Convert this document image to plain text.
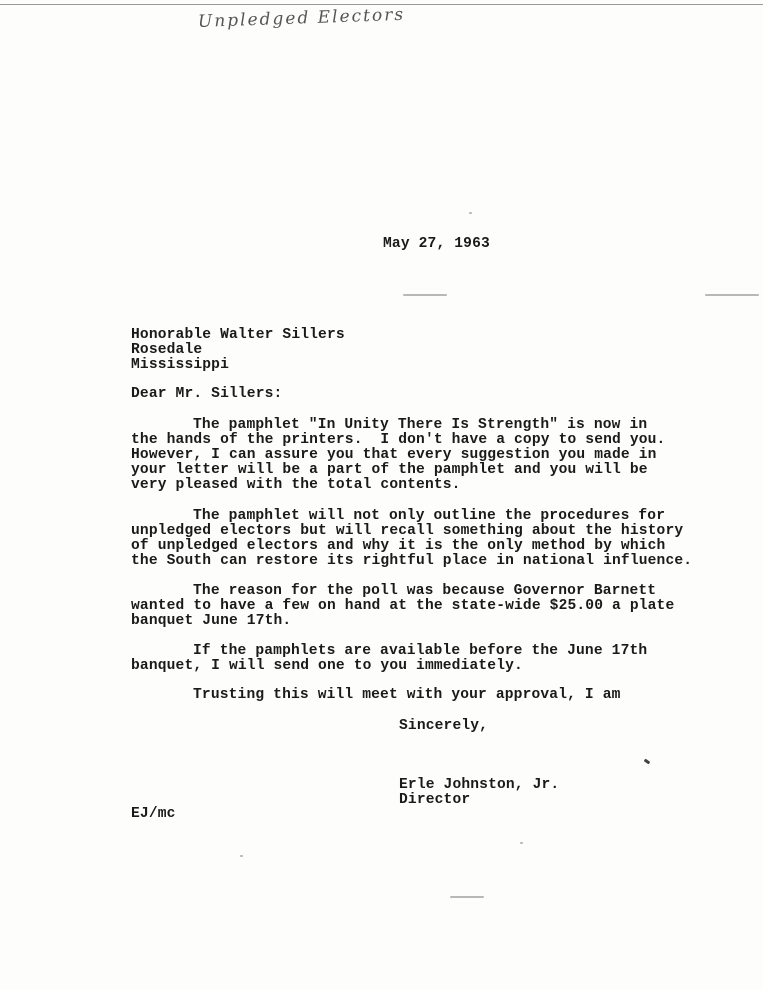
Unpledged Electors
May 27, 1963
Honorable Walter Sillers
Rosedale
Mississippi
Dear Mr. Sillers:
The pamphlet "In Unity There Is Strength" is now in
the hands of the printers.  I don't have a copy to send you.
However, I can assure you that every suggestion you made in
your letter will be a part of the pamphlet and you will be
very pleased with the total contents.
The pamphlet will not only outline the procedures for
unpledged electors but will recall something about the history
of unpledged electors and why it is the only method by which
the South can restore its rightful place in national influence.
The reason for the poll was because Governor Barnett
wanted to have a few on hand at the state-wide $25.00 a plate
banquet June 17th.
If the pamphlets are available before the June 17th
banquet, I will send one to you immediately.
Trusting this will meet with your approval, I am
Sincerely,
Erle Johnston, Jr.
Director
EJ/mc
